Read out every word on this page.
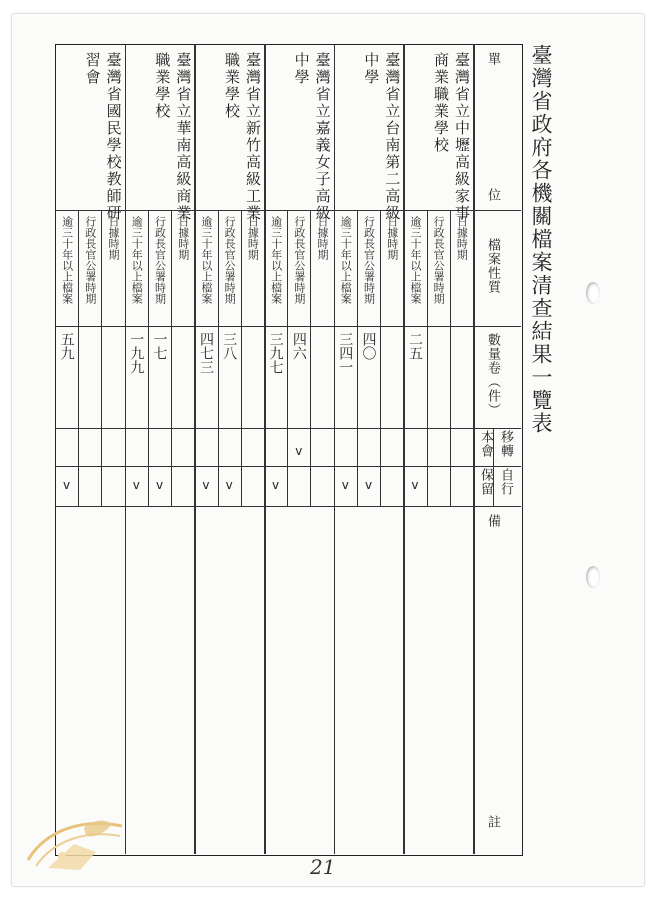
臺灣省政府各機關檔案清查結果一覽表
單
位
檔案性質
數量卷（件）
移轉
本會
自行
保留
備
註
臺灣省立中壢高級家事
商業職業學校
日據時期
行政長官公署時期
逾三十年以上檔案
二五
v
臺灣省立台南第二高級
中學
日據時期
行政長官公署時期
四〇
v
逾三十年以上檔案
三四一
v
臺灣省立嘉義女子高級
中學
日據時期
行政長官公署時期
四六
v
逾三十年以上檔案
三九七
v
臺灣省立新竹高級工業
職業學校
日據時期
行政長官公署時期
三八
v
逾三十年以上檔案
四七三
v
臺灣省立華南高級商業
職業學校
日據時期
行政長官公署時期
一七
v
逾三十年以上檔案
一九九
v
臺灣省國民學校教師研
習會
日據時期
行政長官公署時期
逾三十年以上檔案
五九
v
21
